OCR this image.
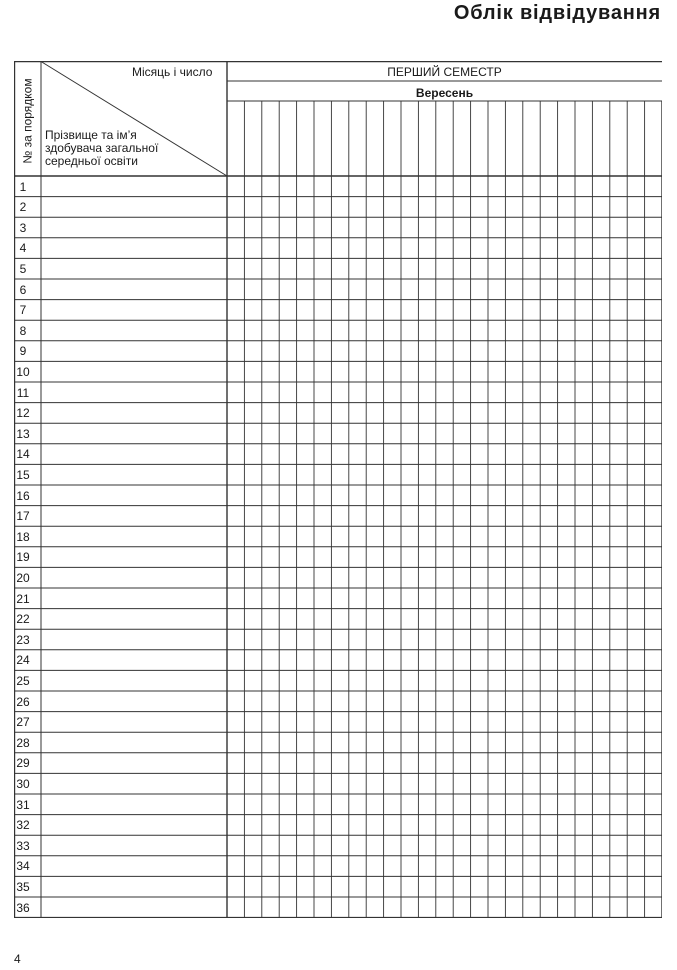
Облік відвідування
№ за порядком
Місяць і число
Прізвище та ім’я
здобувача загальної
середньої освіти
ПЕРШИЙ СЕМЕСТР
Вересень
1
2
3
4
5
6
7
8
9
10
11
12
13
14
15
16
17
18
19
20
21
22
23
24
25
26
27
28
29
30
31
32
33
34
35
36
4
